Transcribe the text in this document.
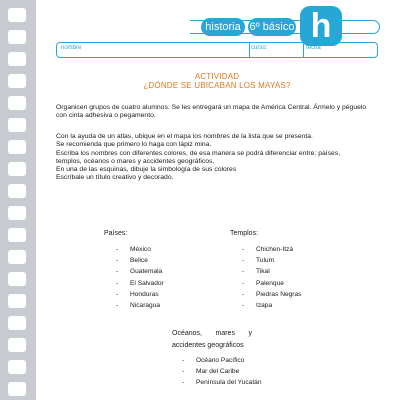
historia 6º básico h
nombre	curso:	fecha
ACTIVIDAD
¿DÓNDE SE UBICABAN LOS MAYAS?
Organicen grupos de cuatro alumnos. Se les entregará un mapa de América Central. Ármelo y péguelo con cinta adhesiva o pegamento.
Con la ayuda de un atlas, ubique en el mapa los nombres de la lista que se presenta.
Se recomienda que primero lo haga con lápiz mina.
Escriba los nombres con diferentes colores, de esa manera se podrá diferenciar entre: países,
templos, océanos o mares y accidentes geográficos.
En una de las esquinas, dibuje la simbología de sus colores
Escríbale un título creativo y decorado.
Países:
- México
- Belice
- Guatemala
- El Salvador
- Honduras
- Nicaragua
Templos:
- Chichen-Itzá
- Tulum
- Tikal
- Palenque
- Piedras Negras
- Izapa
Océanos, mares y
accidentes geográficos
- Océano Pacífico
- Mar del Caribe
- Península del Yucatán
